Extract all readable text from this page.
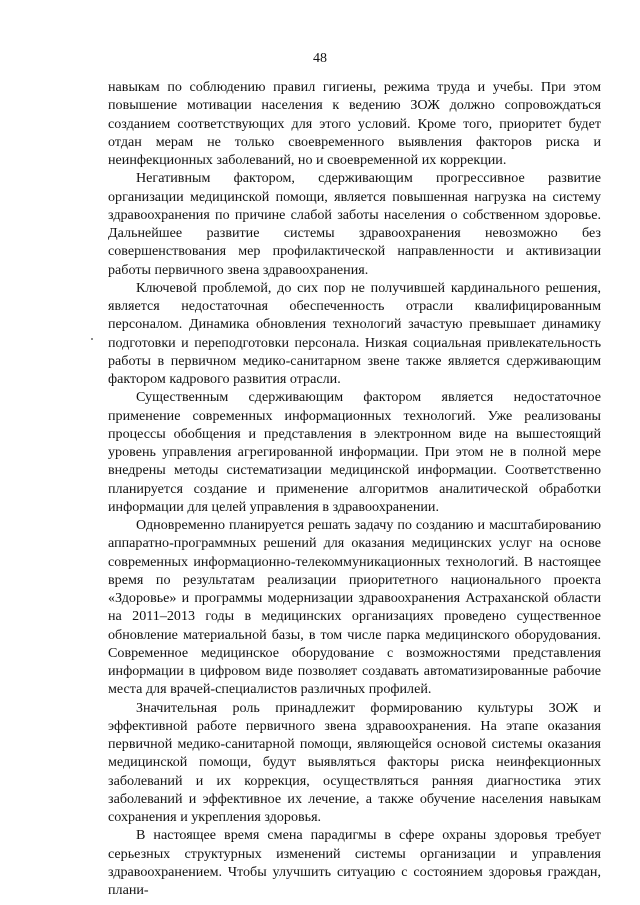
48

навыкам по соблюдению правил гигиены, режима труда и учебы. При этом повышение мотивации населения к ведению ЗОЖ должно сопровождаться созданием соответствующих для этого условий. Кроме того, приоритет будет отдан мерам не только своевременного выявления факторов риска и неинфекционных заболеваний, но и своевременной их коррекции.

Негативным фактором, сдерживающим прогрессивное развитие организации медицинской помощи, является повышенная нагрузка на систему здравоохранения по причине слабой заботы населения о собственном здоровье. Дальнейшее развитие системы здравоохранения невозможно без совершенствования мер профилактической направленности и активизации работы первичного звена здравоохранения.

Ключевой проблемой, до сих пор не получившей кардинального решения, является недостаточная обеспеченность отрасли квалифицированным персоналом. Динамика обновления технологий зачастую превышает динамику подготовки и переподготовки персонала. Низкая социальная привлекательность работы в первичном медико-санитарном звене также является сдерживающим фактором кадрового развития отрасли.

Существенным сдерживающим фактором является недостаточное применение современных информационных технологий. Уже реализованы процессы обобщения и представления в электронном виде на вышестоящий уровень управления агрегированной информации. При этом не в полной мере внедрены методы систематизации медицинской информации. Соответственно планируется создание и применение алгоритмов аналитической обработки информации для целей управления в здравоохранении.

Одновременно планируется решать задачу по созданию и масштабированию аппаратно-программных решений для оказания медицинских услуг на основе современных информационно-телекоммуникационных технологий. В настоящее время по результатам реализации приоритетного национального проекта «Здоровье» и программы модернизации здравоохранения Астраханской области на 2011–2013 годы в медицинских организациях проведено существенное обновление материальной базы, в том числе парка медицинского оборудования. Современное медицинское оборудование с возможностями представления информации в цифровом виде позволяет создавать автоматизированные рабочие места для врачей-специалистов различных профилей.

Значительная роль принадлежит формированию культуры ЗОЖ и эффективной работе первичного звена здравоохранения. На этапе оказания первичной медико-санитарной помощи, являющейся основой системы оказания медицинской помощи, будут выявляться факторы риска неинфекционных заболеваний и их коррекция, осуществляться ранняя диагностика этих заболеваний и эффективное их лечение, а также обучение населения навыкам сохранения и укрепления здоровья.

В настоящее время смена парадигмы в сфере охраны здоровья требует серьезных структурных изменений системы организации и управления здравоохранением. Чтобы улучшить ситуацию с состоянием здоровья граждан, плани-
